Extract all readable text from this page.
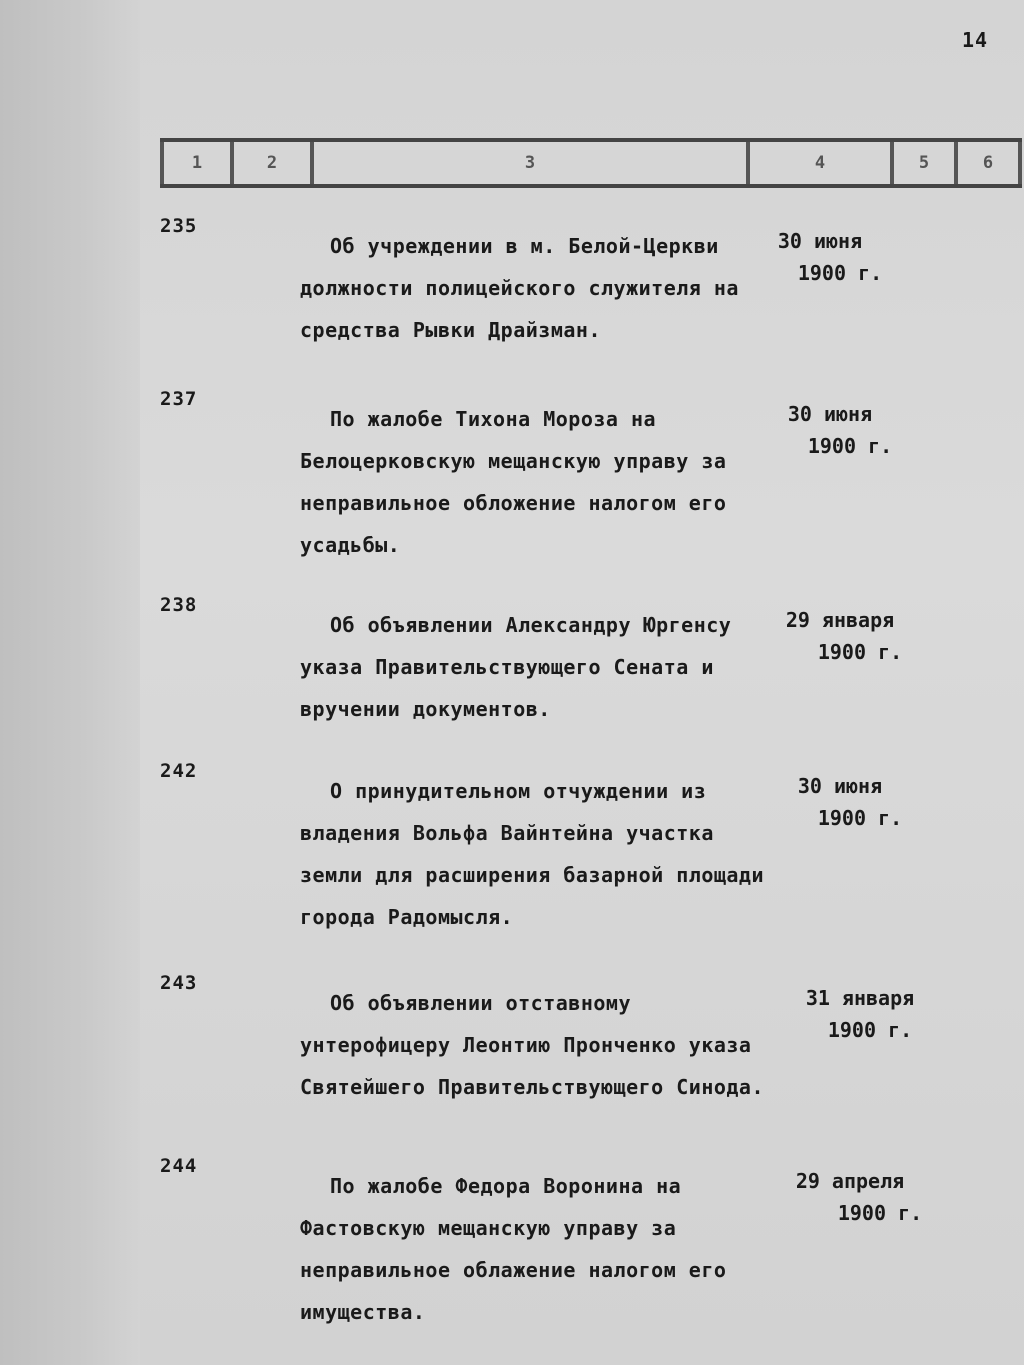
14
1	2	3	4	5	6
235
Об учреждении в м. Белой-Церкви должности полицейского служителя на средства Рывки Драйзман.
30 июня
1900 г.
237
По жалобе Тихона Мороза на Белоцерковскую мещанскую управу за неправильное обложение налогом его усадьбы.
30 июня
1900 г.
238
Об объявлении Александру Юргенсу указа Правительствующего Сената и вручении документов.
29 января
1900 г.
242
О принудительном отчуждении из владения Вольфа Вайнтейна участка земли для расширения базарной площади города Радомысля.
30 июня
1900 г.
243
Об объявлении отставному унтерофицеру Леонтию Пронченко указа Святейшего Правительствующего Синода.
31 января
1900 г.
244
По жалобе Федора Воронина на Фастовскую мещанскую управу за неправильное облажение налогом его имущества.
29 апреля
1900 г.
